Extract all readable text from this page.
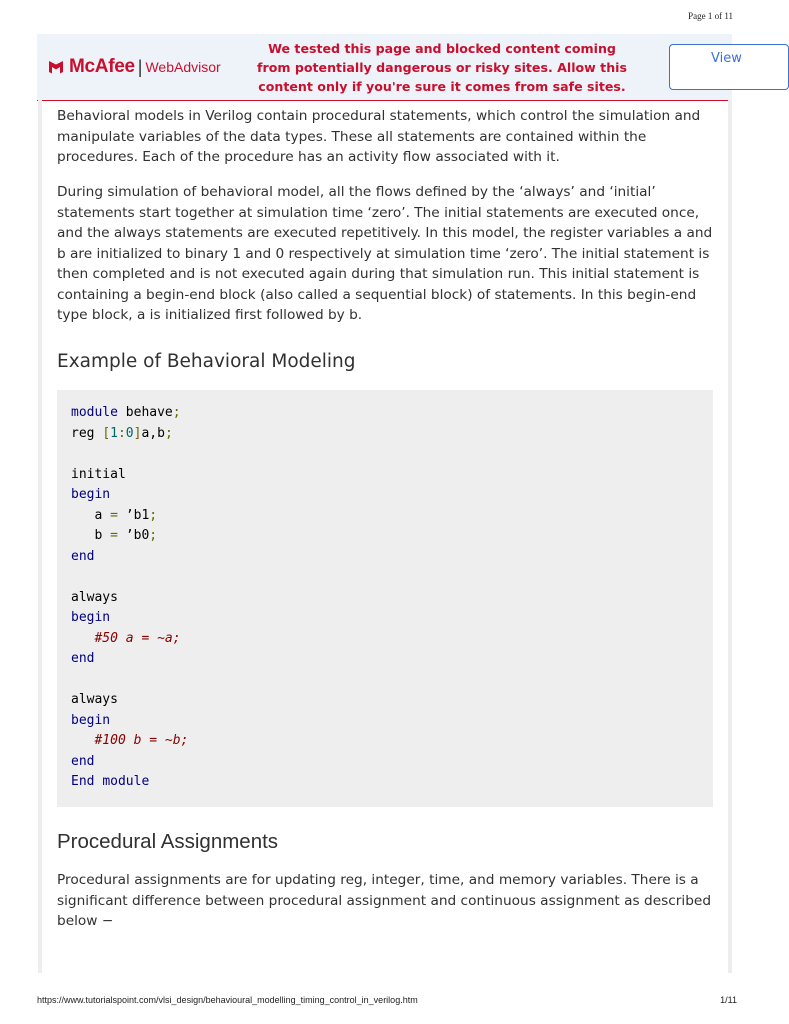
Page 1 of 11
McAfee | WebAdvisor
We tested this page and blocked content coming from potentially dangerous or risky sites. Allow this content only if you're sure it comes from safe sites.
View

Behavioral models in Verilog contain procedural statements, which control the simulation and manipulate variables of the data types. These all statements are contained within the procedures. Each of the procedure has an activity flow associated with it.

During simulation of behavioral model, all the flows defined by the ‘always’ and ‘initial’ statements start together at simulation time ‘zero’. The initial statements are executed once, and the always statements are executed repetitively. In this model, the register variables a and b are initialized to binary 1 and 0 respectively at simulation time ‘zero’. The initial statement is then completed and is not executed again during that simulation run. This initial statement is containing a begin-end block (also called a sequential block) of statements. In this begin-end type block, a is initialized first followed by b.

Example of Behavioral Modeling
module behave;
reg [1:0]a,b;
initial
begin
a = ’b1;
b = ’b0;
end
always
begin
#50 a = ~a;
end
always
begin
#100 b = ~b;
end
End module
Procedural Assignments

Procedural assignments are for updating reg, integer, time, and memory variables. There is a significant difference between procedural assignment and continuous assignment as described below −

https://www.tutorialspoint.com/vlsi_design/behavioural_modelling_timing_control_in_verilog.htm	1/11
